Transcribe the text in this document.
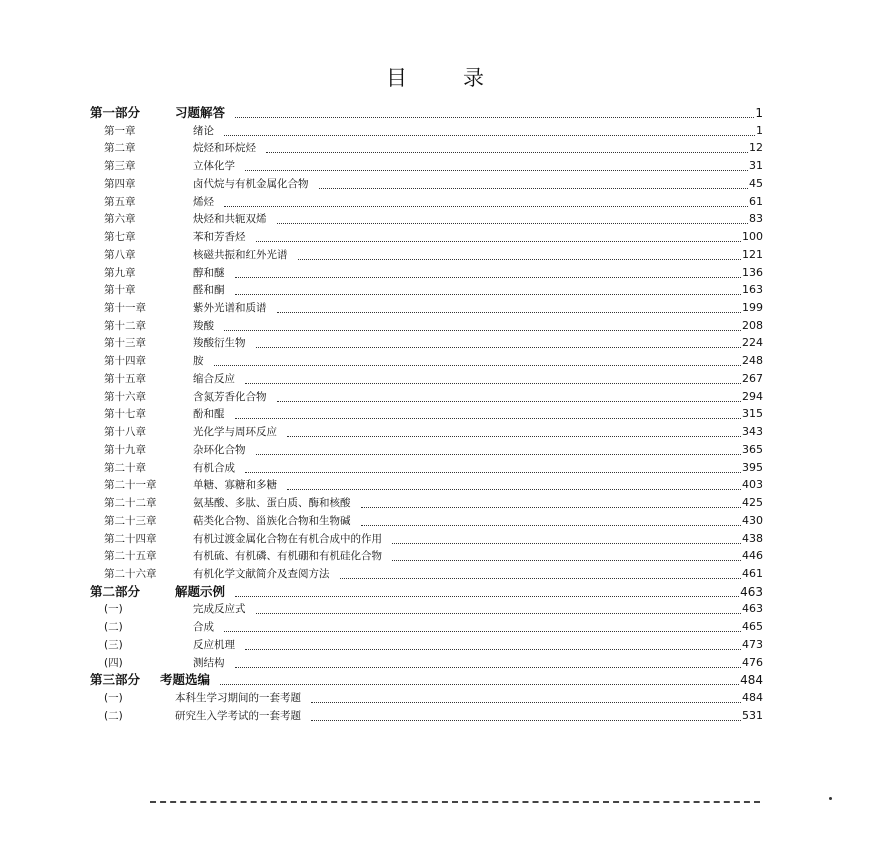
目	录
第一部分	习题解答	1
第一章	绪论	1
第二章	烷烃和环烷烃	12
第三章	立体化学	31
第四章	卤代烷与有机金属化合物	45
第五章	烯烃	61
第六章	炔烃和共轭双烯	83
第七章	苯和芳香烃	100
第八章	核磁共振和红外光谱	121
第九章	醇和醚	136
第十章	醛和酮	163
第十一章	紫外光谱和质谱	199
第十二章	羧酸	208
第十三章	羧酸衍生物	224
第十四章	胺	248
第十五章	缩合反应	267
第十六章	含氮芳香化合物	294
第十七章	酚和醌	315
第十八章	光化学与周环反应	343
第十九章	杂环化合物	365
第二十章	有机合成	395
第二十一章	单糖、寡糖和多糖	403
第二十二章	氨基酸、多肽、蛋白质、酶和核酸	425
第二十三章	萜类化合物、甾族化合物和生物碱	430
第二十四章	有机过渡金属化合物在有机合成中的作用	438
第二十五章	有机硫、有机磷、有机硼和有机硅化合物	446
第二十六章	有机化学文献简介及查阅方法	461
第二部分	解题示例	463
(一)	完成反应式	463
(二)	合成	465
(三)	反应机理	473
(四)	测结构	476
第三部分 考题选编	484
(一)	本科生学习期间的一套考题	484
(二)	研究生入学考试的一套考题	531
